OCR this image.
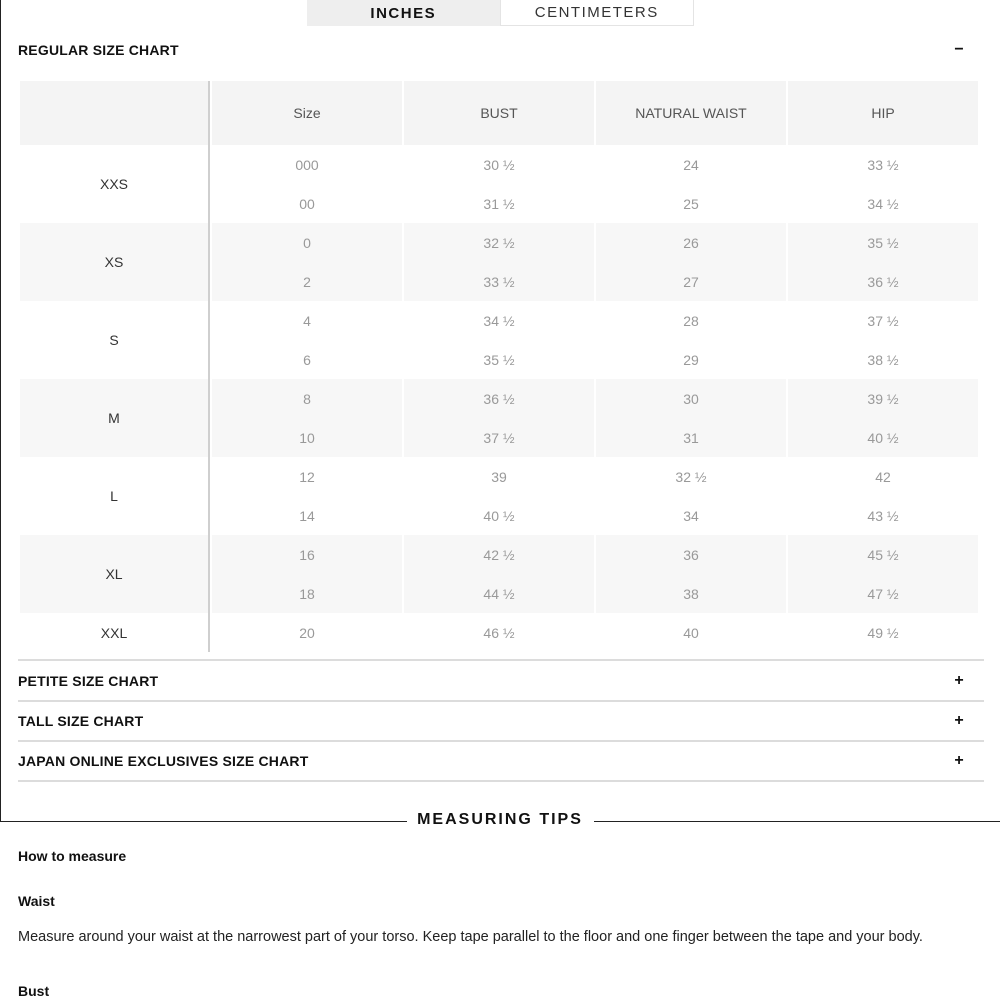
INCHES	CENTIMETERS
REGULAR SIZE CHART	−
	Size	BUST	NATURAL WAIST	HIP
XXS	000	30 ½	24	33 ½
	00	31 ½	25	34 ½
XS	0	32 ½	26	35 ½
	2	33 ½	27	36 ½
S	4	34 ½	28	37 ½
	6	35 ½	29	38 ½
M	8	36 ½	30	39 ½
	10	37 ½	31	40 ½
L	12	39	32 ½	42
	14	40 ½	34	43 ½
XL	16	42 ½	36	45 ½
	18	44 ½	38	47 ½
XXL	20	46 ½	40	49 ½
PETITE SIZE CHART	+
TALL SIZE CHART	+
JAPAN ONLINE EXCLUSIVES SIZE CHART	+
MEASURING TIPS
How to measure
Waist
Measure around your waist at the narrowest part of your torso. Keep tape parallel to the floor and one finger between the tape and your body.
Bust
